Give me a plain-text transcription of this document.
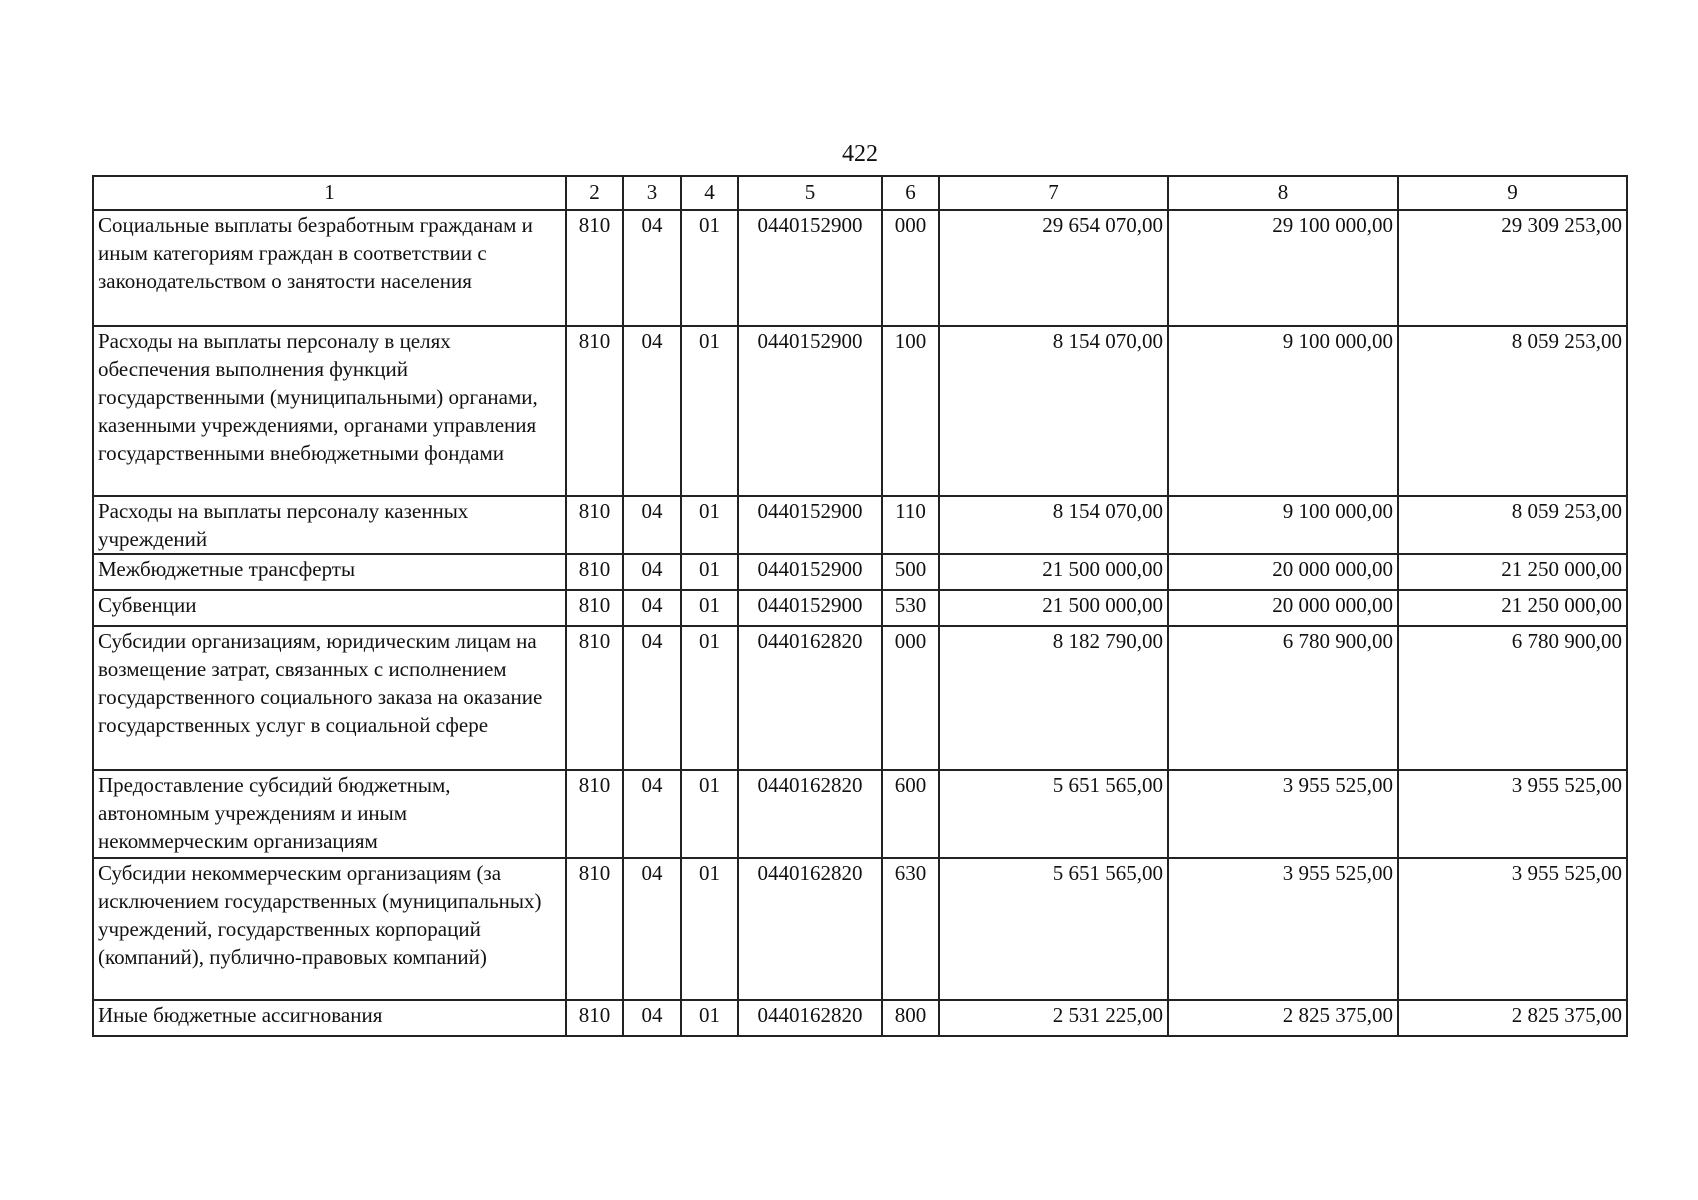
422
1	2	3	4	5	6	7	8	9
Социальные выплаты безработным гражданам и иным категориям граждан в соответствии с законодательством о занятости населения	810	04	01	0440152900	000	29 654 070,00	29 100 000,00	29 309 253,00
Расходы на выплаты персоналу в целях обеспечения выполнения функций государственными (муниципальными) органами, казенными учреждениями, органами управления государственными внебюджетными фондами	810	04	01	0440152900	100	8 154 070,00	9 100 000,00	8 059 253,00
Расходы на выплаты персоналу казенных учреждений	810	04	01	0440152900	110	8 154 070,00	9 100 000,00	8 059 253,00
Межбюджетные трансферты	810	04	01	0440152900	500	21 500 000,00	20 000 000,00	21 250 000,00
Субвенции	810	04	01	0440152900	530	21 500 000,00	20 000 000,00	21 250 000,00
Субсидии организациям, юридическим лицам на возмещение затрат, связанных с исполнением государственного социального заказа на оказание государственных услуг в социальной сфере	810	04	01	0440162820	000	8 182 790,00	6 780 900,00	6 780 900,00
Предоставление субсидий бюджетным, автономным учреждениям и иным некоммерческим организациям	810	04	01	0440162820	600	5 651 565,00	3 955 525,00	3 955 525,00
Субсидии некоммерческим организациям (за исключением государственных (муниципальных) учреждений, государственных корпораций (компаний), публично-правовых компаний)	810	04	01	0440162820	630	5 651 565,00	3 955 525,00	3 955 525,00
Иные бюджетные ассигнования	810	04	01	0440162820	800	2 531 225,00	2 825 375,00	2 825 375,00
